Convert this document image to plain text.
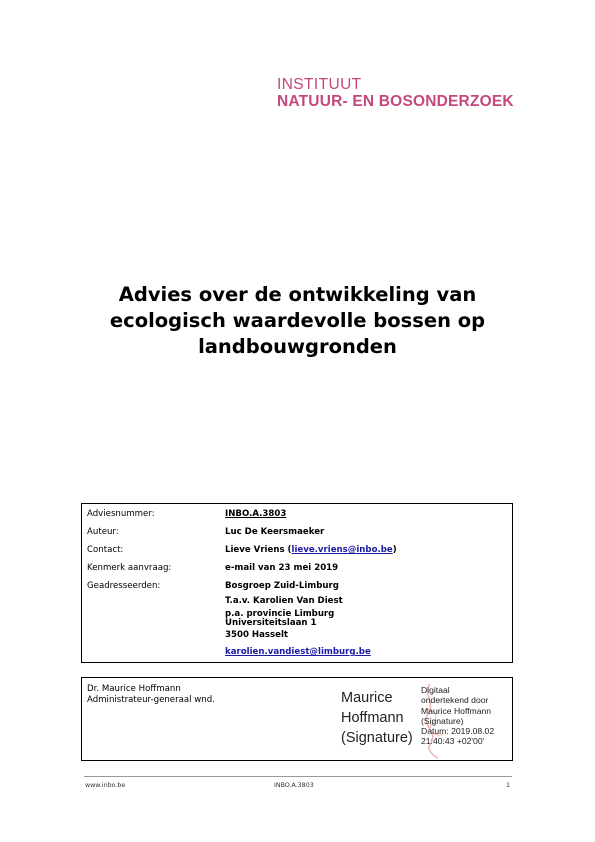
INSTITUUT
NATUUR- EN BOSONDERZOEK
Advies over de ontwikkeling van
ecologisch waardevolle bossen op
landbouwgronden
Adviesnummer:	INBO.A.3803
Auteur:	Luc De Keersmaeker
Contact:	Lieve Vriens (lieve.vriens@inbo.be)
Kenmerk aanvraag:	e-mail van 23 mei 2019
Geadresseerden:	Bosgroep Zuid-Limburg
T.a.v. Karolien Van Diest
p.a. provincie Limburg
Universiteitslaan 1
3500 Hasselt
karolien.vandiest@limburg.be
Dr. Maurice Hoffmann
Administrateur-generaal wnd.	Maurice
Hoffmann
(Signature)
Digitaal
ondertekend door
Maurice Hoffmann
(Signature)
Datum: 2019.08.02
21:40:43 +02'00'
www.inbo.be	INBO.A.3803	1
